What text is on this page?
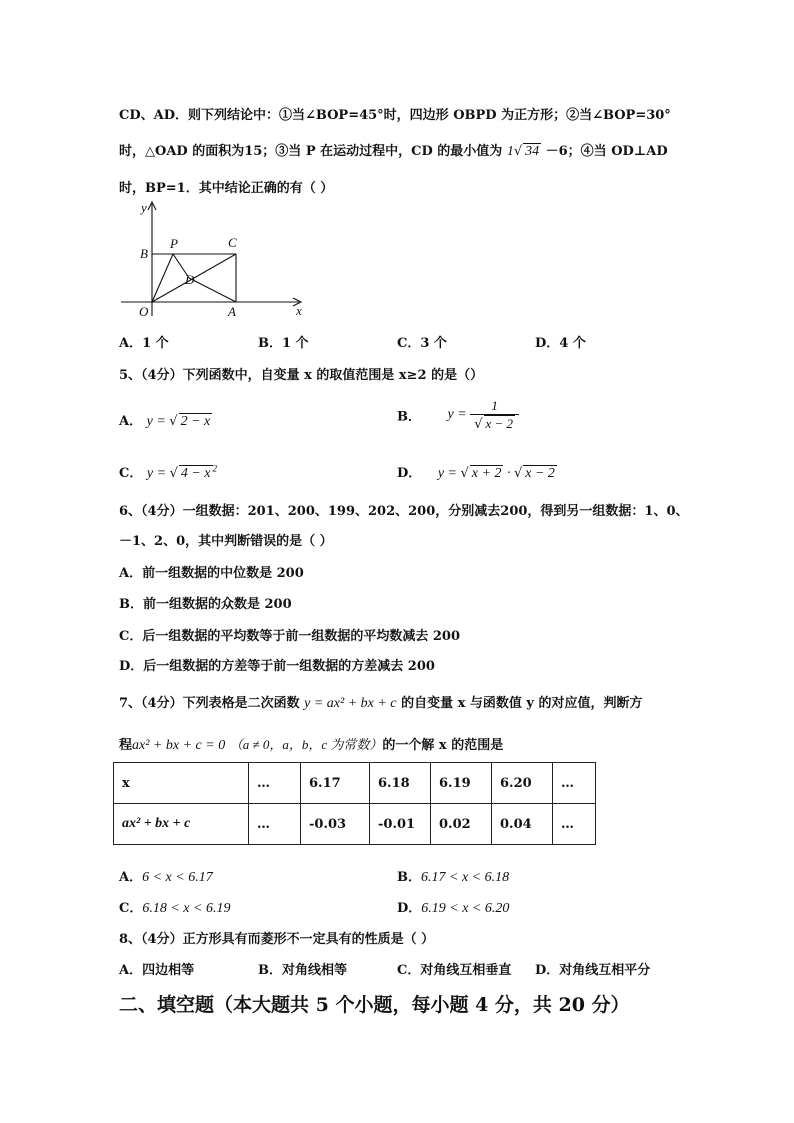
CD、AD．则下列结论中：①当∠BOP=45°时，四边形 OBPD 为正方形；②当∠BOP=30°
时，△OAD 的面积为15；③当 P 在运动过程中，CD 的最小值为 1√ 34 －6；④当 OD⊥AD
时，BP=1．其中结论正确的有（ ）
y
x
B
P	C
D
O	A
A．1 个	B．1 个	C．3 个	D．4 个
5、（4分）下列函数中，自变量 x 的取值范围是 x≥2 的是（）
A． y = √ 2 − x	B． $y = \frac{1}{√ x - 2}$
C． y = √ 4 − x $^2$	D． y = √ x + 2 · √ x − 2
6、（4分）一组数据：201、200、199、202、200，分别减去200，得到另一组数据：1、0、
－1、2、0，其中判断错误的是（ ）
A．前一组数据的中位数是 200
B．前一组数据的众数是 200
C．后一组数据的平均数等于前一组数据的平均数减去 200
D．后一组数据的方差等于前一组数据的方差减去 200
7、（4分）下列表格是二次函数 y = ax² + bx + c 的自变量 x 与函数值 y 的对应值，判断方
程ax² + bx + c = 0 （a ≠ 0，a，b，c 为常数）的一个解 x 的范围是
x	…	6.17	6.18	6.19	6.20	…
ax² + bx + c	…	-0.03	-0.01	0.02	0.04	…
A．6 < x < 6.17	B．6.17 < x < 6.18
C．6.18 < x < 6.19	D．6.19 < x < 6.20
8、（4分）正方形具有而菱形不一定具有的性质是（ ）
A．四边相等	B．对角线相等	C．对角线互相垂直 D．对角线互相平分
二、填空题（本大题共 5 个小题，每小题 4 分，共 20 分）
